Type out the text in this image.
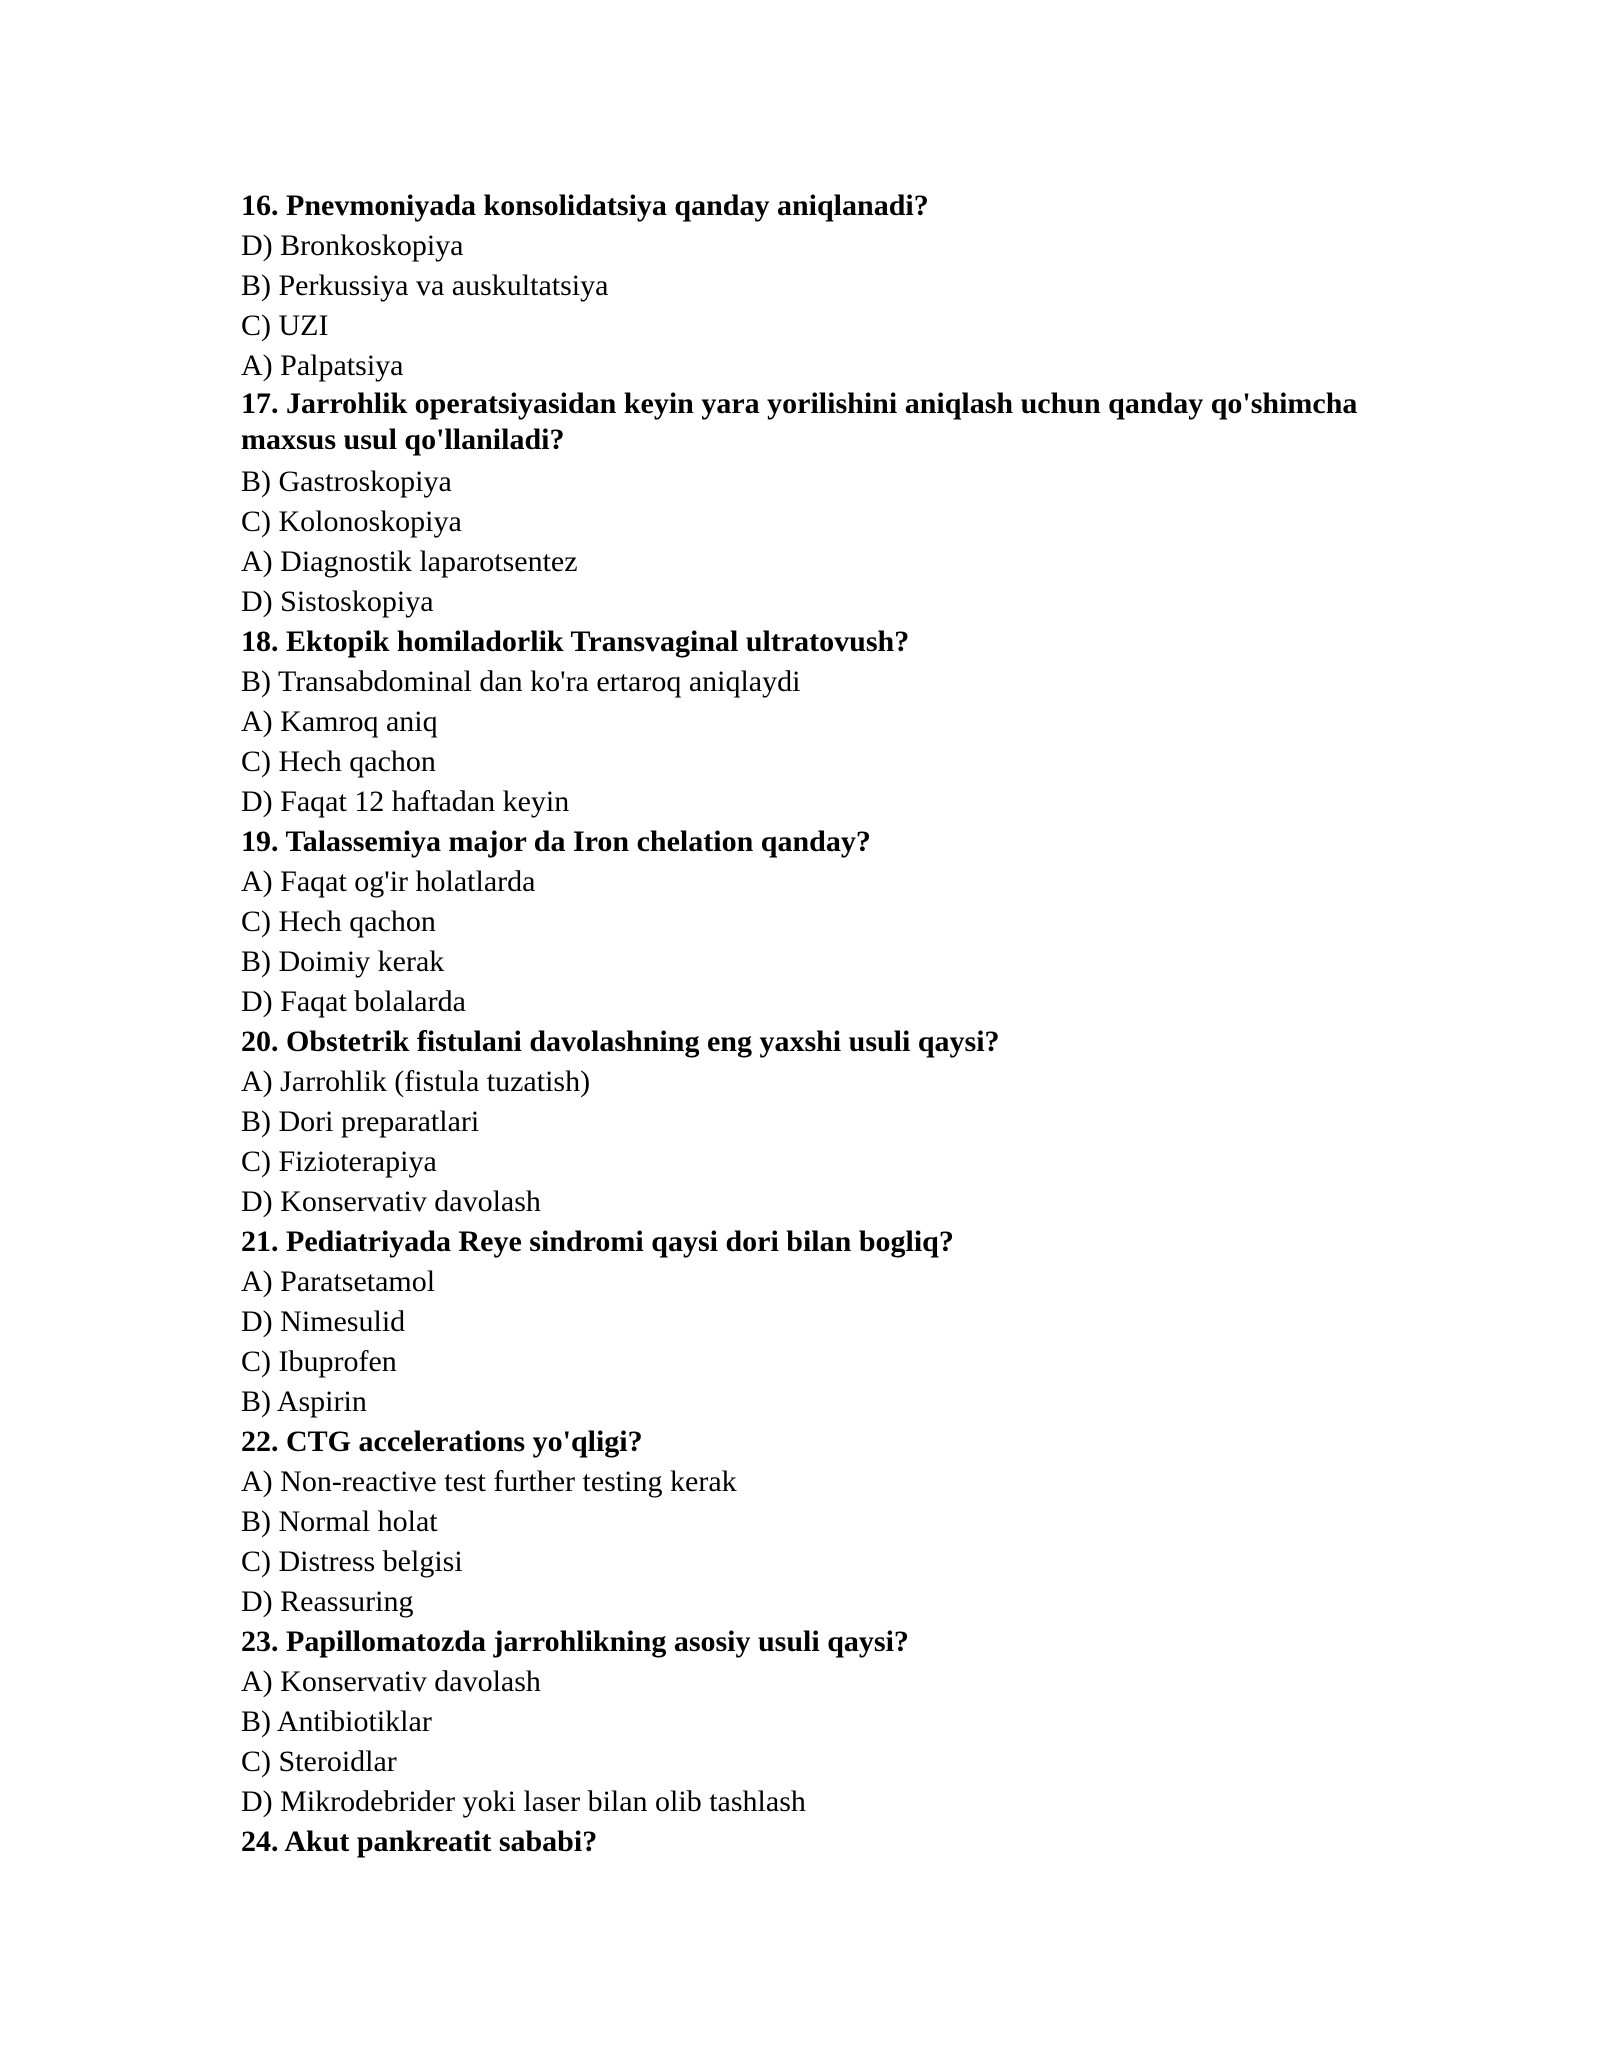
16. Pnevmoniyada konsolidatsiya qanday aniqlanadi?
D) Bronkoskopiya
B) Perkussiya va auskultatsiya
C) UZI
A) Palpatsiya
17. Jarrohlik operatsiyasidan keyin yara yorilishini aniqlash uchun qanday qo'shimcha maxsus usul qo'llaniladi?
B) Gastroskopiya
C) Kolonoskopiya
A) Diagnostik laparotsentez
D) Sistoskopiya
18. Ektopik homiladorlik Transvaginal ultratovush?
B) Transabdominal dan ko'ra ertaroq aniqlaydi
A) Kamroq aniq
C) Hech qachon
D) Faqat 12 haftadan keyin
19. Talassemiya major da Iron chelation qanday?
A) Faqat og'ir holatlarda
C) Hech qachon
B) Doimiy kerak
D) Faqat bolalarda
20. Obstetrik fistulani davolashning eng yaxshi usuli qaysi?
A) Jarrohlik (fistula tuzatish)
B) Dori preparatlari
C) Fizioterapiya
D) Konservativ davolash
21. Pediatriyada Reye sindromi qaysi dori bilan bogliq?
A) Paratsetamol
D) Nimesulid
C) Ibuprofen
B) Aspirin
22. CTG accelerations yo'qligi?
A) Non-reactive test further testing kerak
B) Normal holat
C) Distress belgisi
D) Reassuring
23. Papillomatozda jarrohlikning asosiy usuli qaysi?
A) Konservativ davolash
B) Antibiotiklar
C) Steroidlar
D) Mikrodebrider yoki laser bilan olib tashlash
24. Akut pankreatit sababi?
